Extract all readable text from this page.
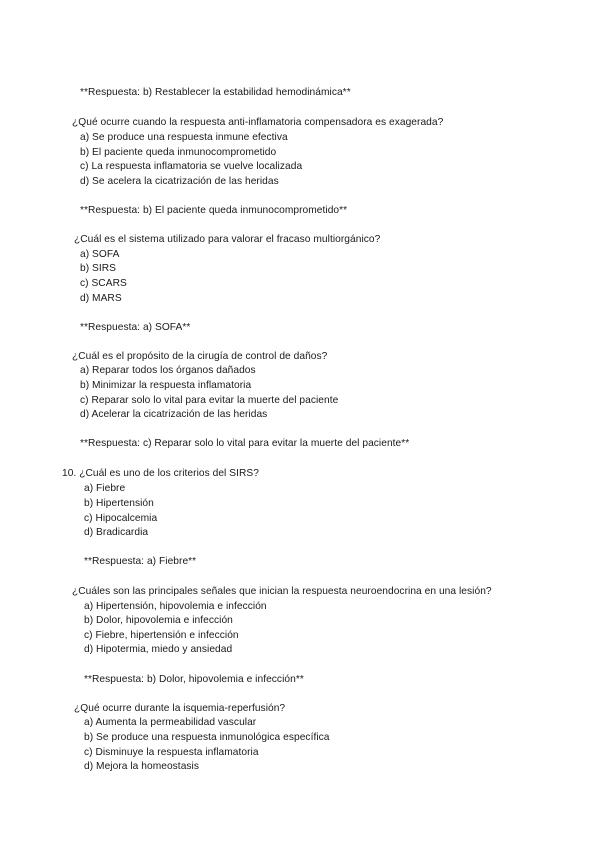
**Respuesta: b) Restablecer la estabilidad hemodinámica**
¿Qué ocurre cuando la respuesta anti-inflamatoria compensadora es exagerada?
a) Se produce una respuesta inmune efectiva
b) El paciente queda inmunocomprometido
c) La respuesta inflamatoria se vuelve localizada
d) Se acelera la cicatrización de las heridas
**Respuesta: b) El paciente queda inmunocomprometido**
¿Cuál es el sistema utilizado para valorar el fracaso multiorgánico?
a) SOFA
b) SIRS
c) SCARS
d) MARS
**Respuesta: a) SOFA**
¿Cuál es el propósito de la cirugía de control de daños?
a) Reparar todos los órganos dañados
b) Minimizar la respuesta inflamatoria
c) Reparar solo lo vital para evitar la muerte del paciente
d) Acelerar la cicatrización de las heridas
**Respuesta: c) Reparar solo lo vital para evitar la muerte del paciente**
10. ¿Cuál es uno de los criterios del SIRS?
a) Fiebre
b) Hipertensión
c) Hipocalcemia
d) Bradicardia
**Respuesta: a) Fiebre**
¿Cuáles son las principales señales que inician la respuesta neuroendocrina en una lesión?
a) Hipertensión, hipovolemia e infección
b) Dolor, hipovolemia e infección
c) Fiebre, hipertensión e infección
d) Hipotermia, miedo y ansiedad
**Respuesta: b) Dolor, hipovolemia e infección**
¿Qué ocurre durante la isquemia-reperfusión?
a) Aumenta la permeabilidad vascular
b) Se produce una respuesta inmunológica específica
c) Disminuye la respuesta inflamatoria
d) Mejora la homeostasis
